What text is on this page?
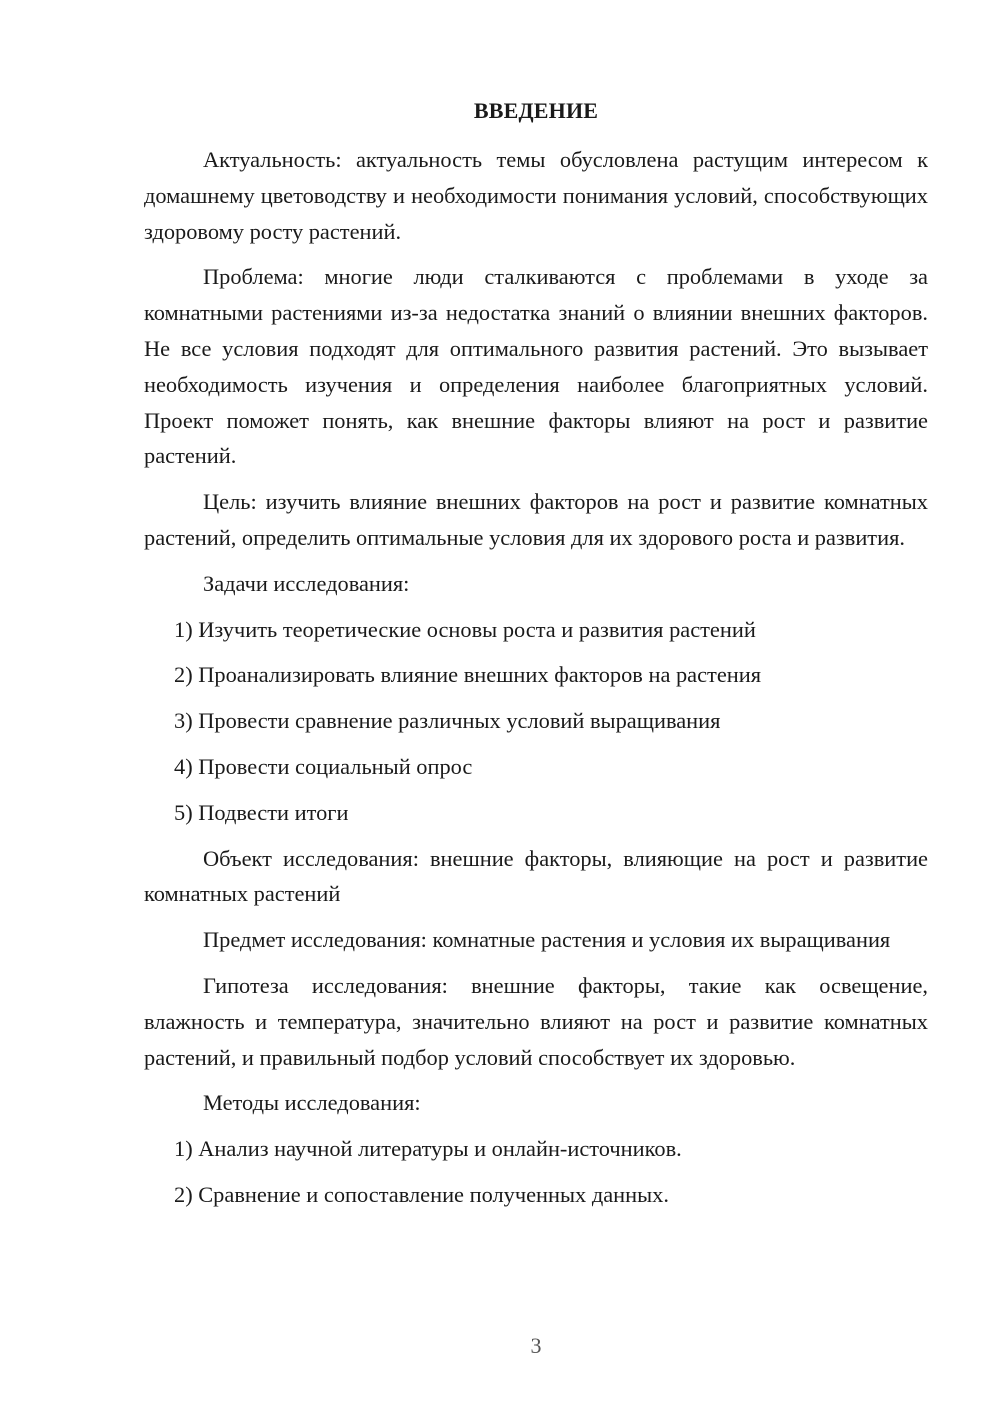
ВВЕДЕНИЕ

Актуальность: актуальность темы обусловлена растущим интересом к домашнему цветоводству и необходимости понимания условий, способствующих здоровому росту растений.

Проблема: многие люди сталкиваются с проблемами в уходе за комнатными растениями из-за недостатка знаний о влиянии внешних факторов. Не все условия подходят для оптимального развития растений. Это вызывает необходимость изучения и определения наиболее благоприятных условий. Проект поможет понять, как внешние факторы влияют на рост и развитие растений.

Цель: изучить влияние внешних факторов на рост и развитие комнатных растений, определить оптимальные условия для их здорового роста и развития.

Задачи исследования:

1) Изучить теоретические основы роста и развития растений
2) Проанализировать влияние внешних факторов на растения
3) Провести сравнение различных условий выращивания
4) Провести социальный опрос
5) Подвести итоги

Объект исследования: внешние факторы, влияющие на рост и развитие комнатных растений

Предмет исследования: комнатные растения и условия их выращивания

Гипотеза исследования: внешние факторы, такие как освещение, влажность и температура, значительно влияют на рост и развитие комнатных растений, и правильный подбор условий способствует их здоровью.

Методы исследования:

1) Анализ научной литературы и онлайн-источников.
2) Сравнение и сопоставление полученных данных.
3
